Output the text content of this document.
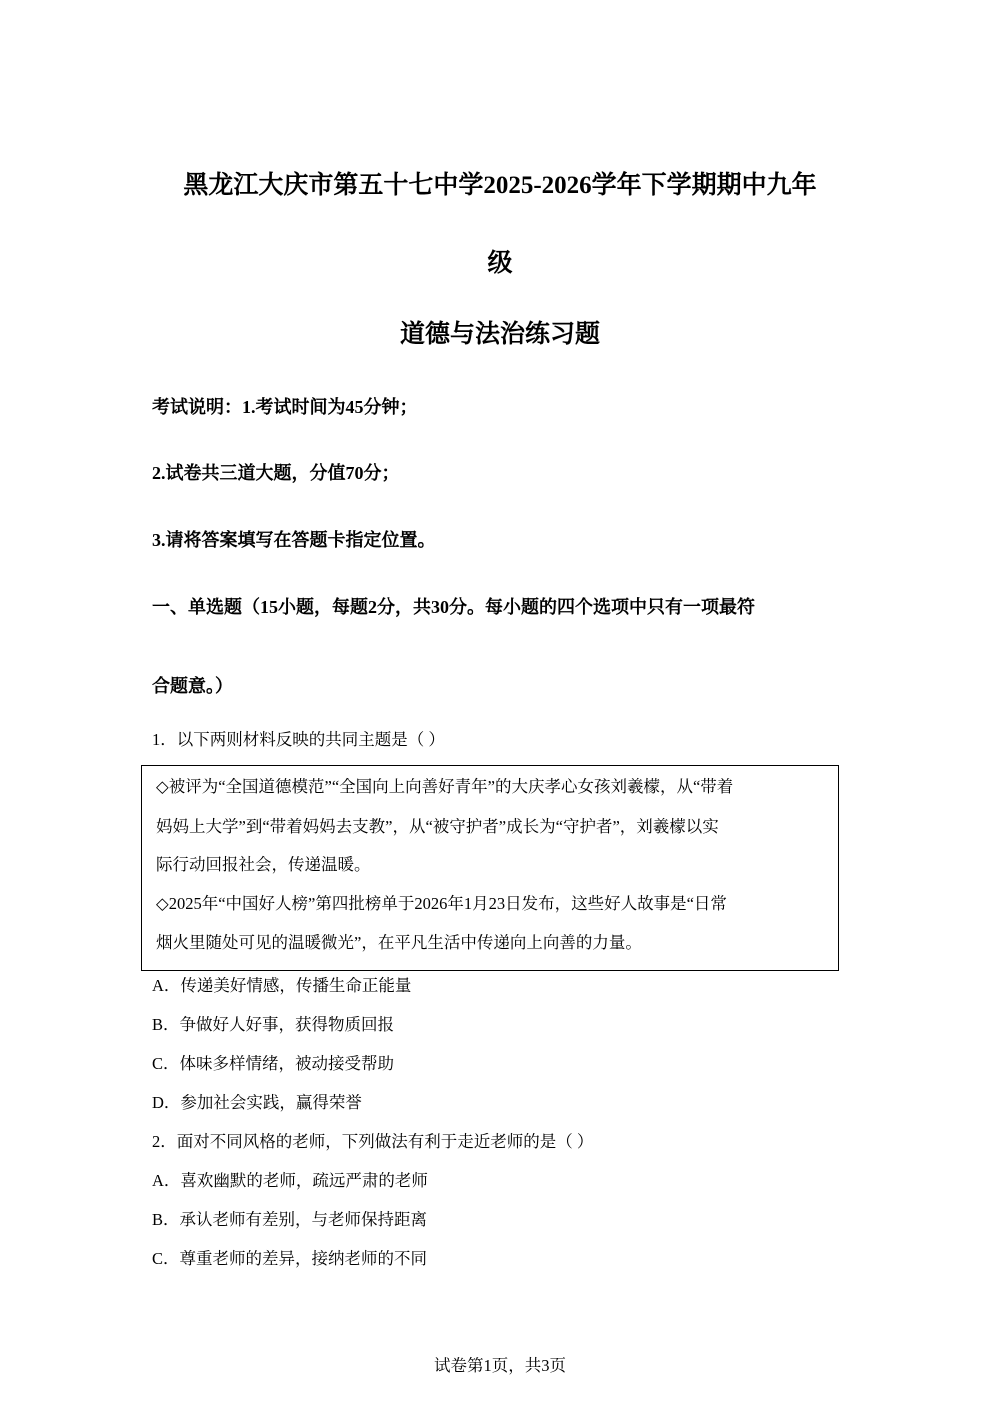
黑龙江大庆市第五十七中学2025-2026学年下学期期中九年
级
道德与法治练习题
考试说明：1.考试时间为45分钟；
2.试卷共三道大题，分值70分；
3.请将答案填写在答题卡指定位置。
一、单选题（15小题，每题2分，共30分。每小题的四个选项中只有一项最符
合题意。）
1．以下两则材料反映的共同主题是（ ）
◇被评为“全国道德模范”“全国向上向善好青年”的大庆孝心女孩刘羲檬，从“带着
妈妈上大学”到“带着妈妈去支教”，从“被守护者”成长为“守护者”，刘羲檬以实
际行动回报社会，传递温暖。
◇2025年“中国好人榜”第四批榜单于2026年1月23日发布，这些好人故事是“日常
烟火里随处可见的温暖微光”，在平凡生活中传递向上向善的力量。
A．传递美好情感，传播生命正能量
B．争做好人好事，获得物质回报
C．体味多样情绪，被动接受帮助
D．参加社会实践，赢得荣誉
2．面对不同风格的老师，下列做法有利于走近老师的是（ ）
A．喜欢幽默的老师，疏远严肃的老师
B．承认老师有差别，与老师保持距离
C．尊重老师的差异，接纳老师的不同
试卷第1页，共3页
